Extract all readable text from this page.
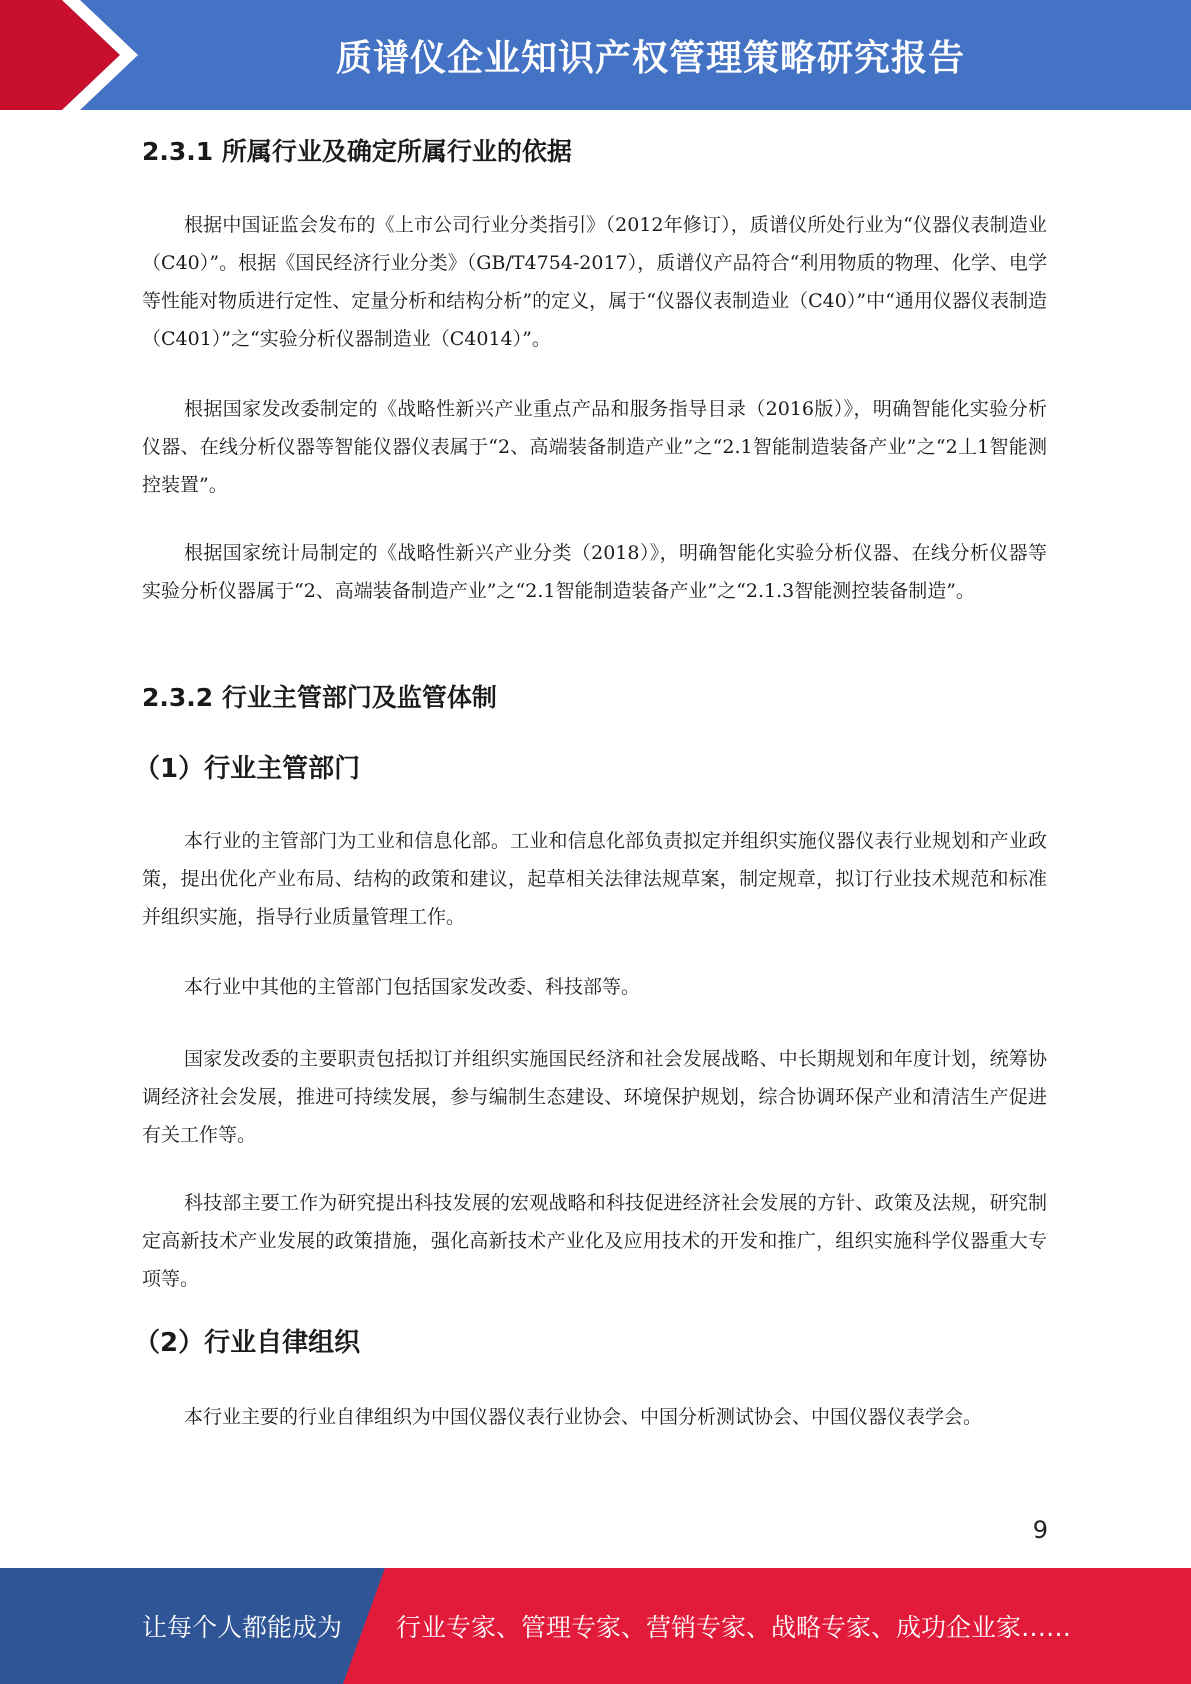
质谱仪企业知识产权管理策略研究报告
2.3.1 所属行业及确定所属行业的依据

根据中国证监会发布的《上市公司行业分类指引》（2012年修订），质谱仪所处行业为“仪器仪表制造业（C40）”。根据《国民经济行业分类》（GB/T4754-2017），质谱仪产品符合“利用物质的物理、化学、电学等性能对物质进行定性、定量分析和结构分析”的定义，属于“仪器仪表制造业（C40）”中“通用仪器仪表制造（C401）”之“实验分析仪器制造业（C4014）”。

根据国家发改委制定的《战略性新兴产业重点产品和服务指导目录（2016版）》，明确智能化实验分析仪器、在线分析仪器等智能仪器仪表属于“2、高端装备制造产业”之“2.1智能制造装备产业”之“2丄1智能测控装置”。

根据国家统计局制定的《战略性新兴产业分类（2018）》，明确智能化实验分析仪器、在线分析仪器等实验分析仪器属于“2、高端装备制造产业”之“2.1智能制造装备产业”之“2.1.3智能测控装备制造”。

2.3.2 行业主管部门及监管体制
（1）行业主管部门

本行业的主管部门为工业和信息化部。工业和信息化部负责拟定并组织实施仪器仪表行业规划和产业政策，提出优化产业布局、结构的政策和建议，起草相关法律法规草案，制定规章，拟订行业技术规范和标准并组织实施，指导行业质量管理工作。

本行业中其他的主管部门包括国家发改委、科技部等。

国家发改委的主要职责包括拟订并组织实施国民经济和社会发展战略、中长期规划和年度计划，统筹协调经济社会发展，推进可持续发展，参与编制生态建设、环境保护规划，综合协调环保产业和清洁生产促进有关工作等。

科技部主要工作为研究提出科技发展的宏观战略和科技促进经济社会发展的方针、政策及法规，研究制定高新技术产业发展的政策措施，强化高新技术产业化及应用技术的开发和推广，组织实施科学仪器重大专项等。

（2）行业自律组织

本行业主要的行业自律组织为中国仪器仪表行业协会、中国分析测试协会、中国仪器仪表学会。

9
让每个人都能成为 行业专家、管理专家、营销专家、战略专家、成功企业家……
